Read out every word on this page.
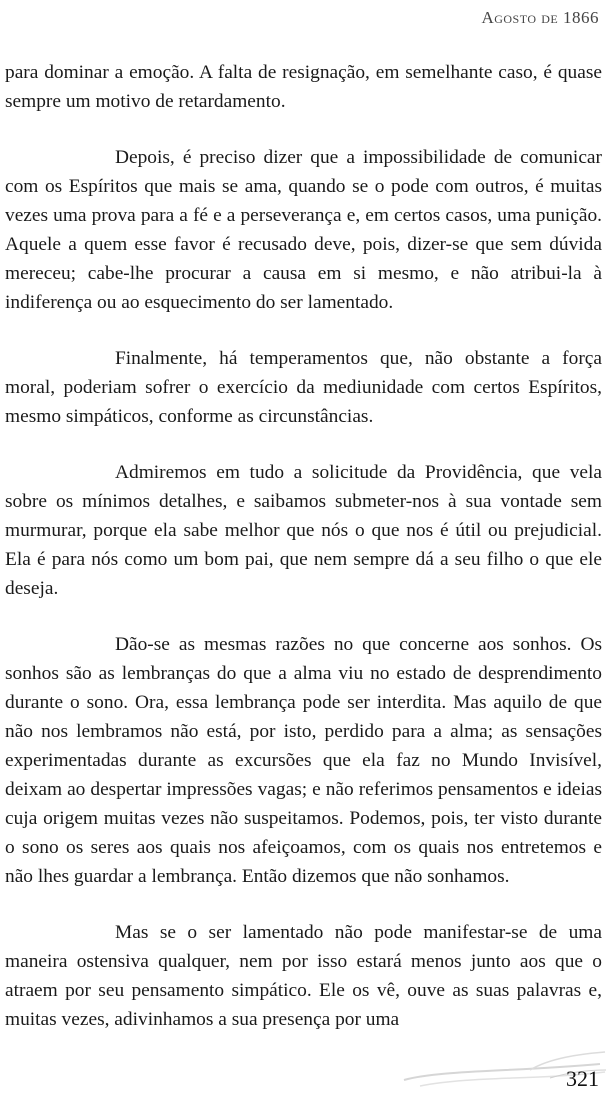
Agosto de 1866

para dominar a emoção. A falta de resignação, em semelhante caso, é quase sempre um motivo de retardamento.

Depois, é preciso dizer que a impossibilidade de comunicar com os Espíritos que mais se ama, quando se o pode com outros, é muitas vezes uma prova para a fé e a perseverança e, em certos casos, uma punição. Aquele a quem esse favor é recusado deve, pois, dizer-se que sem dúvida mereceu; cabe-lhe procurar a causa em si mesmo, e não atribui-la à indiferença ou ao esquecimento do ser lamentado.

Finalmente, há temperamentos que, não obstante a força moral, poderiam sofrer o exercício da mediunidade com certos Espíritos, mesmo simpáticos, conforme as circunstâncias.

Admiremos em tudo a solicitude da Providência, que vela sobre os mínimos detalhes, e saibamos submeter-nos à sua vontade sem murmurar, porque ela sabe melhor que nós o que nos é útil ou prejudicial. Ela é para nós como um bom pai, que nem sempre dá a seu filho o que ele deseja.

Dão-se as mesmas razões no que concerne aos sonhos. Os sonhos são as lembranças do que a alma viu no estado de desprendimento durante o sono. Ora, essa lembrança pode ser interdita. Mas aquilo de que não nos lembramos não está, por isto, perdido para a alma; as sensações experimentadas durante as excursões que ela faz no Mundo Invisível, deixam ao despertar impressões vagas; e não referimos pensamentos e ideias cuja origem muitas vezes não suspeitamos. Podemos, pois, ter visto durante o sono os seres aos quais nos afeiçoamos, com os quais nos entretemos e não lhes guardar a lembrança. Então dizemos que não sonhamos.

Mas se o ser lamentado não pode manifestar-se de uma maneira ostensiva qualquer, nem por isso estará menos junto aos que o atraem por seu pensamento simpático. Ele os vê, ouve as suas palavras e, muitas vezes, adivinhamos a sua presença por uma

321
